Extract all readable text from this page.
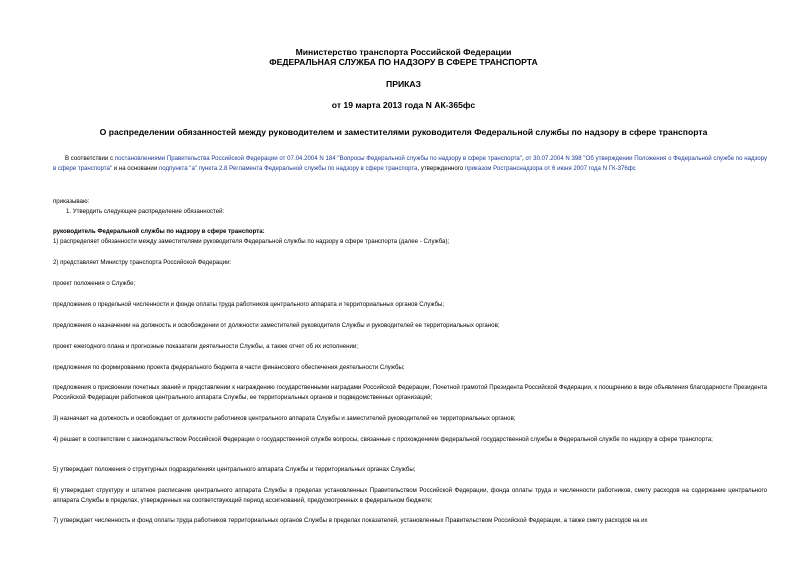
Министерство транспорта Российской Федерации
ФЕДЕРАЛЬНАЯ СЛУЖБА ПО НАДЗОРУ В СФЕРЕ ТРАНСПОРТА
ПРИКАЗ
от 19 марта 2013 года N АК-365фс
О распределении обязанностей между руководителем и заместителями руководителя Федеральной службы по надзору в сфере транспорта
В соответствии с постановлениями Правительства Российской Федерации от 07.04.2004 N 184 "Вопросы Федеральной службы по надзору в сфере транспорта", от 30.07.2004 N 398 "Об утверждении Положения о Федеральной службе по надзору в сфере транспорта" и на основании подпункта "а" пункта 2.8 Регламента Федеральной службы по надзору в сфере транспорта, утвержденного приказом Ространснадзора от 6 июня 2007 года N ГК-376фс
приказываю:
1. Утвердить следующее распределение обязанностей:
руководитель Федеральной службы по надзору в сфере транспорта:
1) распределяет обязанности между заместителями руководителя Федеральной службы по надзору в сфере транспорта (далее - Служба);
2) представляет Министру транспорта Российской Федерации:
проект положения о Службе;
предложения о предельной численности и фонде оплаты труда работников центрального аппарата и территориальных органов Службы;
предложения о назначении на должность и освобождении от должности заместителей руководителя Службы и руководителей ее территориальных органов;
проект ежегодного плана и прогнозные показатели деятельности Службы, а также отчет об их исполнении;
предложения по формированию проекта федерального бюджета в части финансового обеспечения деятельности Службы;
предложения о присвоении почетных званий и представлении к награждению государственными наградами Российской Федерации, Почетной грамотой Президента Российской Федерации, к поощрению в виде объявления благодарности Президента Российской Федерации работников центрального аппарата Службы, ее территориальных органов и подведомственных организаций;
3) назначает на должность и освобождает от должности работников центрального аппарата Службы и заместителей руководителей ее территориальных органов;
4) решает в соответствии с законодательством Российской Федерации о государственной службе вопросы, связанные с прохождением федеральной государственной службы в Федеральной службе по надзору в сфере транспорта;
5) утверждает положения о структурных подразделениях центрального аппарата Службы и территориальных органах Службы;
6) утверждает структуру и штатное расписание центрального аппарата Службы в пределах установленных Правительством Российской Федерации, фонда оплаты труда и численности работников, смету расходов на содержание центрального аппарата Службы в пределах, утвержденных на соответствующий период ассигнований, предусмотренных в федеральном бюджете;
7) утверждает численность и фонд оплаты труда работников территориальных органов Службы в пределах показателей, установленных Правительством Российской Федерации, а также смету расходов на их
